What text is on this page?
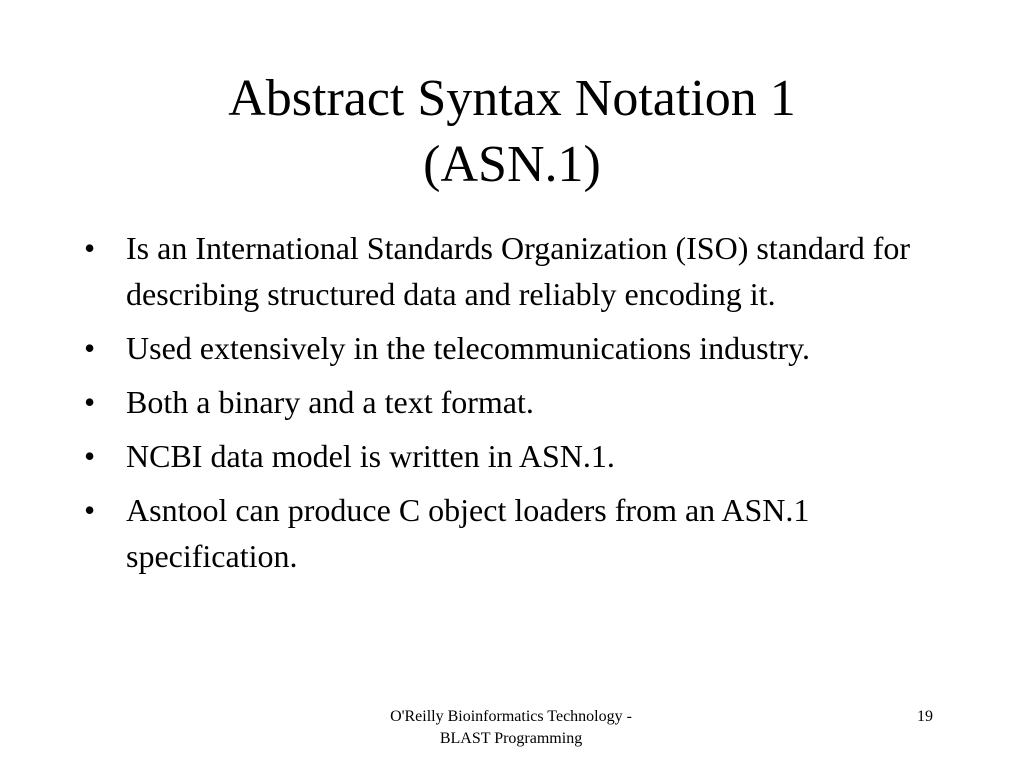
Abstract Syntax Notation 1
(ASN.1)
• Is an International Standards Organization (ISO) standard for describing structured data and reliably encoding it.
• Used extensively in the telecommunications industry.
• Both a binary and a text format.
• NCBI data model is written in ASN.1.
• Asntool can produce C object loaders from an ASN.1 specification.
O'Reilly Bioinformatics Technology -
BLAST Programming
19
